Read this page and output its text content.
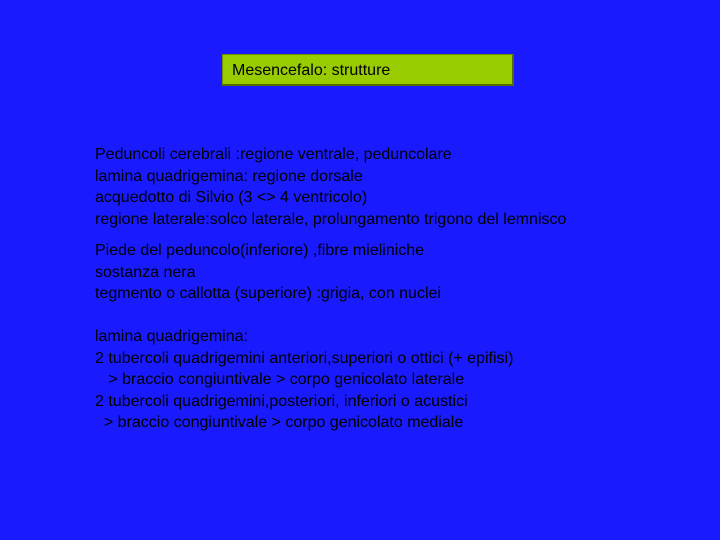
Mesencefalo: strutture
Peduncoli cerebrali :regione ventrale, peduncolare
lamina quadrigemina: regione dorsale
acquedotto di Silvio (3 <> 4 ventricolo)
regione laterale:solco laterale, prolungamento trigono del lemnisco
Piede del peduncolo(inferiore) ,fibre mieliniche
sostanza nera
tegmento o callotta (superiore) :grigia, con nuclei
lamina quadrigemina:
2 tubercoli quadrigemini anteriori,superiori o ottici (+ epifisi)
> braccio congiuntivale > corpo genicolato laterale
2 tubercoli quadrigemini,posteriori, inferiori o acustici
> braccio congiuntivale > corpo genicolato mediale
